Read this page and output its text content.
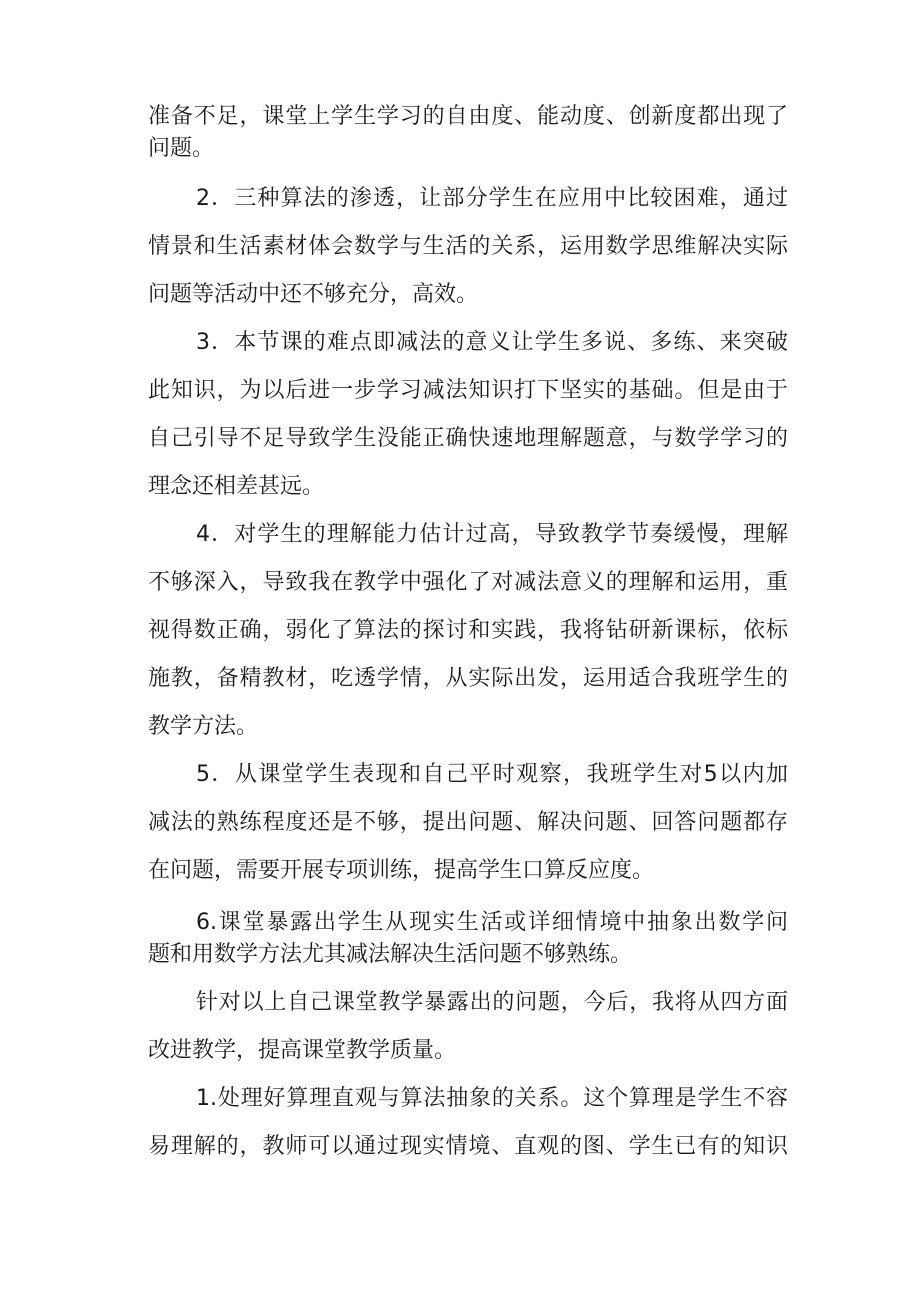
准备不足，课堂上学生学习的自由度、能动度、创新度都出现了
问题。
2．三种算法的渗透，让部分学生在应用中比较困难，通过
情景和生活素材体会数学与生活的关系，运用数学思维解决实际
问题等活动中还不够充分，高效。
3．本节课的难点即减法的意义让学生多说、多练、来突破
此知识，为以后进一步学习减法知识打下坚实的基础。但是由于
自己引导不足导致学生没能正确快速地理解题意，与数学学习的
理念还相差甚远。
4．对学生的理解能力估计过高，导致教学节奏缓慢，理解
不够深入，导致我在教学中强化了对减法意义的理解和运用，重
视得数正确，弱化了算法的探讨和实践，我将钻研新课标，依标
施教，备精教材，吃透学情，从实际出发，运用适合我班学生的
教学方法。
5．从课堂学生表现和自己平时观察，我班学生对5以内加
减法的熟练程度还是不够，提出问题、解决问题、回答问题都存
在问题，需要开展专项训练，提高学生口算反应度。
6.课堂暴露出学生从现实生活或详细情境中抽象出数学问
题和用数学方法尤其减法解决生活问题不够熟练。
针对以上自己课堂教学暴露出的问题，今后，我将从四方面
改进教学，提高课堂教学质量。
1.处理好算理直观与算法抽象的关系。这个算理是学生不容
易理解的，教师可以通过现实情境、直观的图、学生已有的知识
